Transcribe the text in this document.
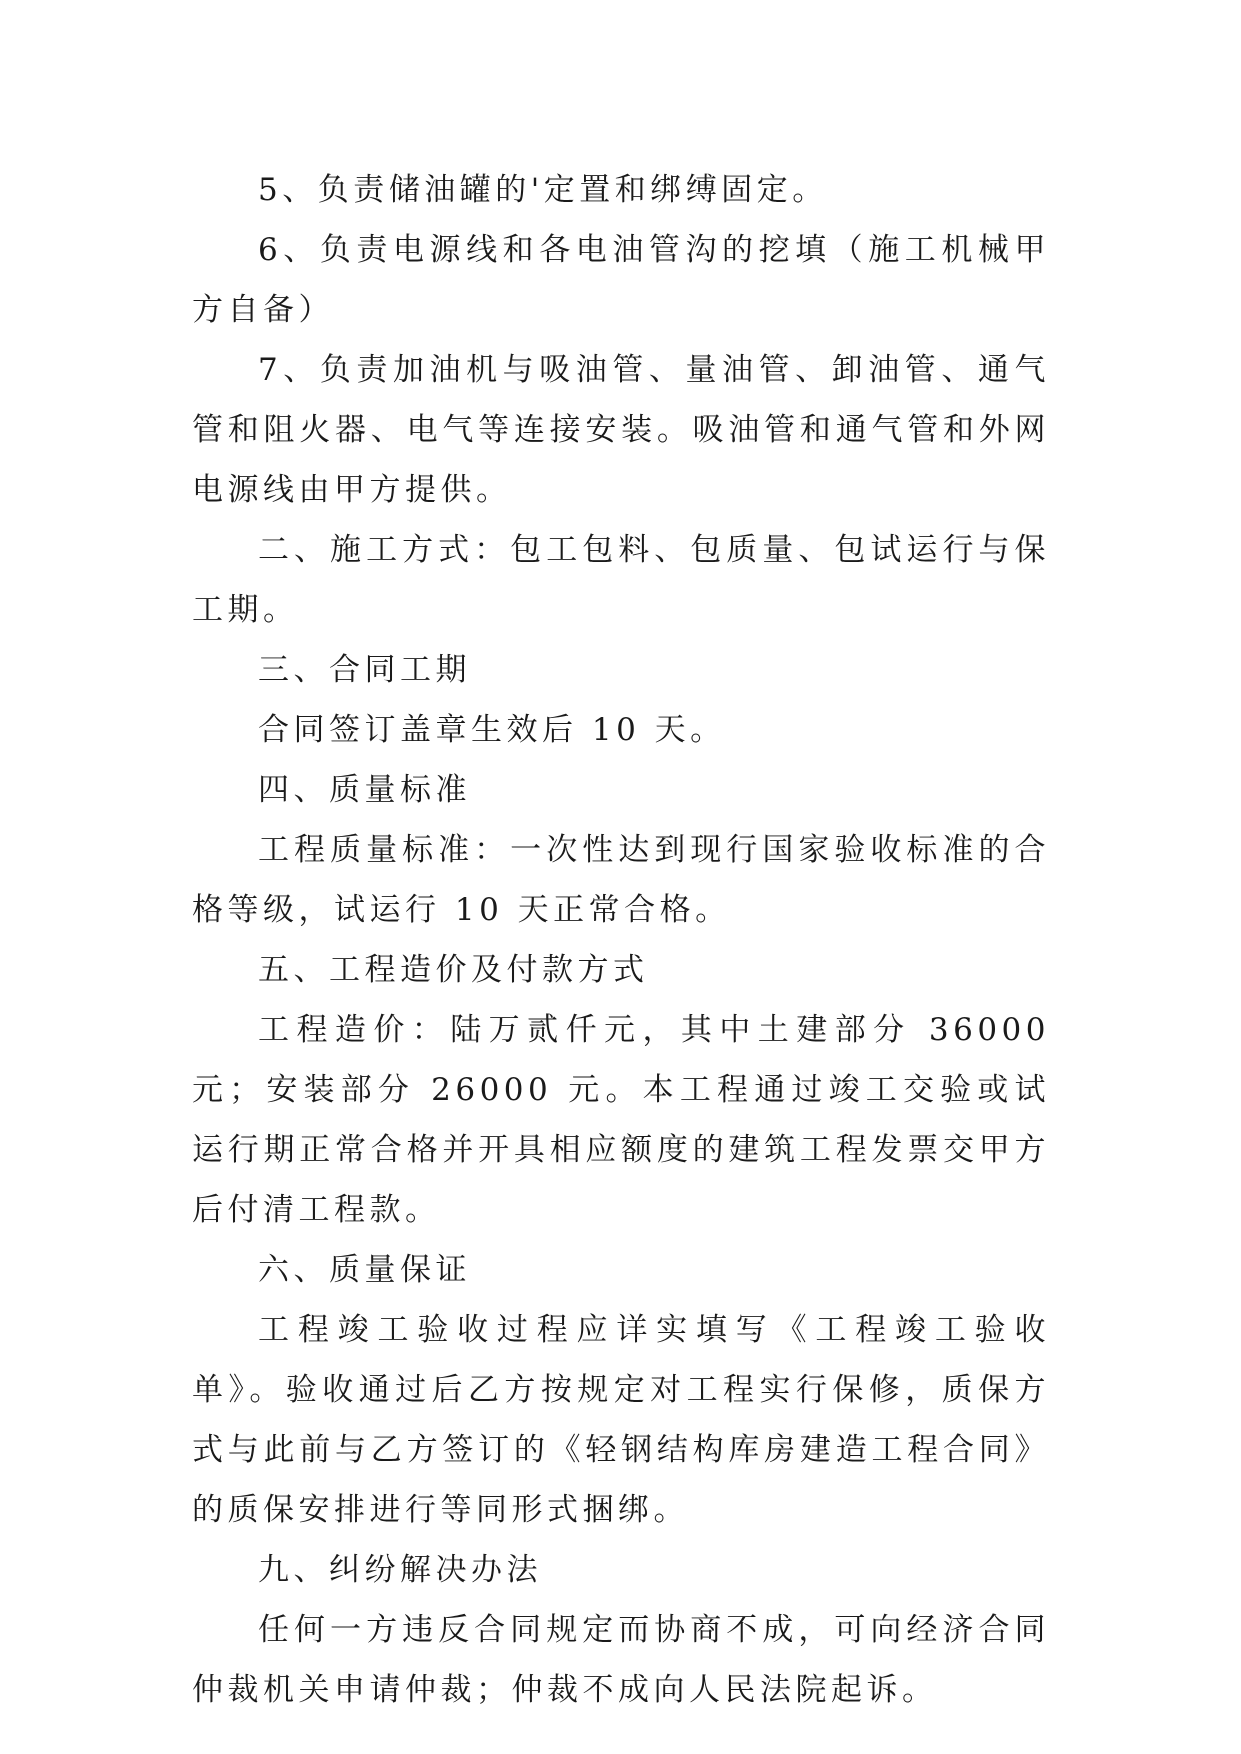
5、负责储油罐的'定置和绑缚固定。

6、负责电源线和各电油管沟的挖填（施工机械甲方自备）

7、负责加油机与吸油管、量油管、卸油管、通气管和阻火器、电气等连接安装。吸油管和通气管和外网电源线由甲方提供。

二、施工方式：包工包料、包质量、包试运行与保工期。

三、合同工期

合同签订盖章生效后 10 天。

四、质量标准

工程质量标准：一次性达到现行国家验收标准的合格等级，试运行 10 天正常合格。

五、工程造价及付款方式

工程造价：陆万贰仟元，其中土建部分 36000 元；安装部分 26000 元。本工程通过竣工交验或试运行期正常合格并开具相应额度的建筑工程发票交甲方后付清工程款。

六、质量保证

工程竣工验收过程应详实填写《工程竣工验收单》。验收通过后乙方按规定对工程实行保修，质保方式与此前与乙方签订的《轻钢结构库房建造工程合同》的质保安排进行等同形式捆绑。

九、纠纷解决办法

任何一方违反合同规定而协商不成，可向经济合同仲裁机关申请仲裁；仲裁不成向人民法院起诉。
